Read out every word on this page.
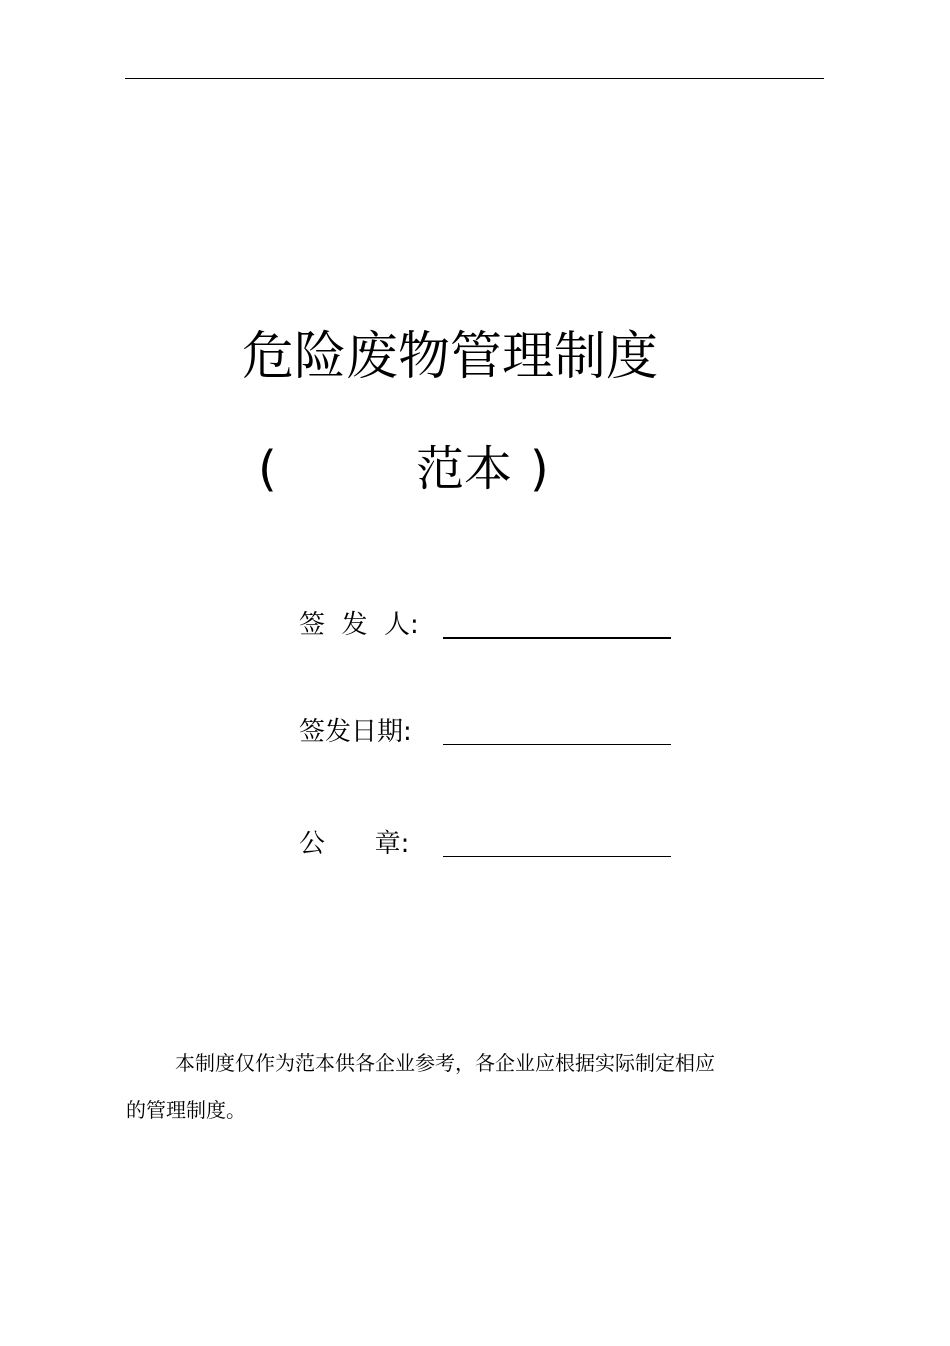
危险废物管理制度
(	范本 )
签  发  人:
签发日期:
公      章:
本制度仅作为范本供各企业参考，各企业应根据实际制定相应
的管理制度。
